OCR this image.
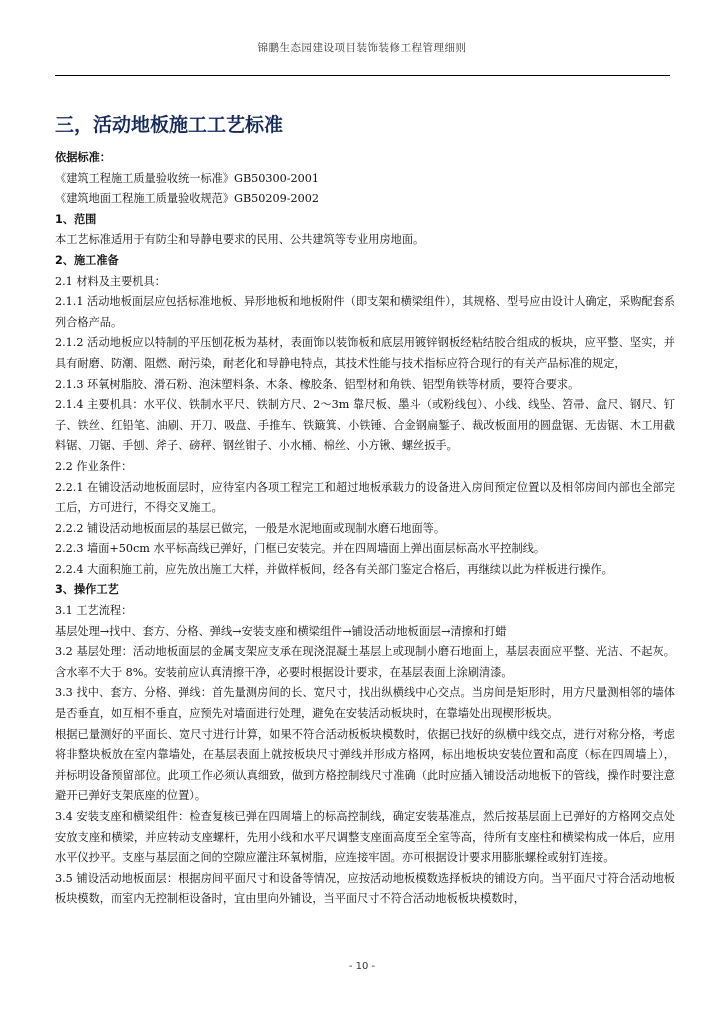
锦鹏生态园建设项目装饰装修工程管理细则
三，活动地板施工工艺标准

依据标准：

《建筑工程施工质量验收统一标准》GB50300-2001

《建筑地面工程施工质量验收规范》GB50209-2002

1、范围

本工艺标准适用于有防尘和导静电要求的民用、公共建筑等专业用房地面。

2、施工准备

2.1 材料及主要机具：

2.1.1 活动地板面层应包括标准地板、异形地板和地板附件（即支架和横梁组件），其规格、型号应由设计人确定，采购配套系列合格产品。

2.1.2 活动地板应以特制的平压刨花板为基材，表面饰以装饰板和底层用镀锌钢板经粘结胶合组成的板块，应平整、坚实，并具有耐磨、防潮、阻燃、耐污染，耐老化和导静电特点，其技术性能与技术指标应符合现行的有关产品标准的规定，

2.1.3 环氧树脂胶、滑石粉、泡沫塑料条、木条、橡胶条、铝型材和角铁、铝型角铁等材质，要符合要求。

2.1.4 主要机具：水平仪、铁制水平尺、铁制方尺、2～3m 靠尺板、墨斗（或粉线包）、小线、线坠、笤帚、盒尺、钢尺、钉子、铁丝、红铅笔、油刷、开刀、吸盘、手推车、铁簸箕、小铁锤、合金钢扁錾子、裁改板面用的圆盘锯、无齿锯、木工用截料锯、刀锯、手刨、斧子、磅秤、钢丝钳子、小水桶、棉丝、小方锹、螺丝扳手。

2.2 作业条件：

2.2.1 在铺设活动地板面层时，应待室内各项工程完工和超过地板承载力的设备进入房间预定位置以及相邻房间内部也全部完工后，方可进行，不得交叉施工。

2.2.2 铺设活动地板面层的基层已做完，一般是水泥地面或现制水磨石地面等。

2.2.3 墙面+50cm 水平标高线已弹好，门框已安装完。并在四周墙面上弹出面层标高水平控制线。

2.2.4 大面积施工前，应先放出施工大样，并做样板间，经各有关部门鉴定合格后，再继续以此为样板进行操作。

3、操作工艺

3.1 工艺流程：

基层处理→找中、套方、分格、弹线→安装支座和横梁组件→铺设活动地板面层→清擦和打蜡

3.2 基层处理：活动地板面层的金属支架应支承在现浇混凝土基层上或现制小磨石地面上，基层表面应平整、光洁、不起灰。含水率不大于 8%。安装前应认真清擦干净，必要时根据设计要求，在基层表面上涂刷清漆。

3.3 找中、套方、分格、弹线：首先量测房间的长、宽尺寸，找出纵横线中心交点。当房间是矩形时，用方尺量测相邻的墙体是否垂直，如互相不垂直，应预先对墙面进行处理，避免在安装活动板块时，在靠墙处出现楔形板块。

根据已量测好的平面长、宽尺寸进行计算，如果不符合活动板板块模数时，依据已找好的纵横中线交点，进行对称分格，考虑将非整块板放在室内靠墙处，在基层表面上就按板块尺寸弹线并形成方格网，标出地板块安装位置和高度（标在四周墙上），并标明设备预留部位。此项工作必须认真细致，做到方格控制线尺寸准确（此时应插入铺设活动地板下的管线，操作时要注意避开已弹好支架底座的位置）。

3.4 安装支座和横梁组件：检查复核已弹在四周墙上的标高控制线，确定安装基准点，然后按基层面上已弹好的方格网交点处安放支座和横梁，并应转动支座螺杆，先用小线和水平尺调整支座面高度至全室等高，待所有支座柱和横梁构成一体后，应用水平仪抄平。支座与基层面之间的空隙应灌注环氧树脂，应连接牢固。亦可根据设计要求用膨胀螺栓或射钉连接。

3.5 铺设活动地板面层：根据房间平面尺寸和设备等情况，应按活动地板模数选择板块的铺设方向。当平面尺寸符合活动地板板块模数，而室内无控制柜设备时，宜由里向外铺设，当平面尺寸不符合活动地板板块模数时，

- 10 -
